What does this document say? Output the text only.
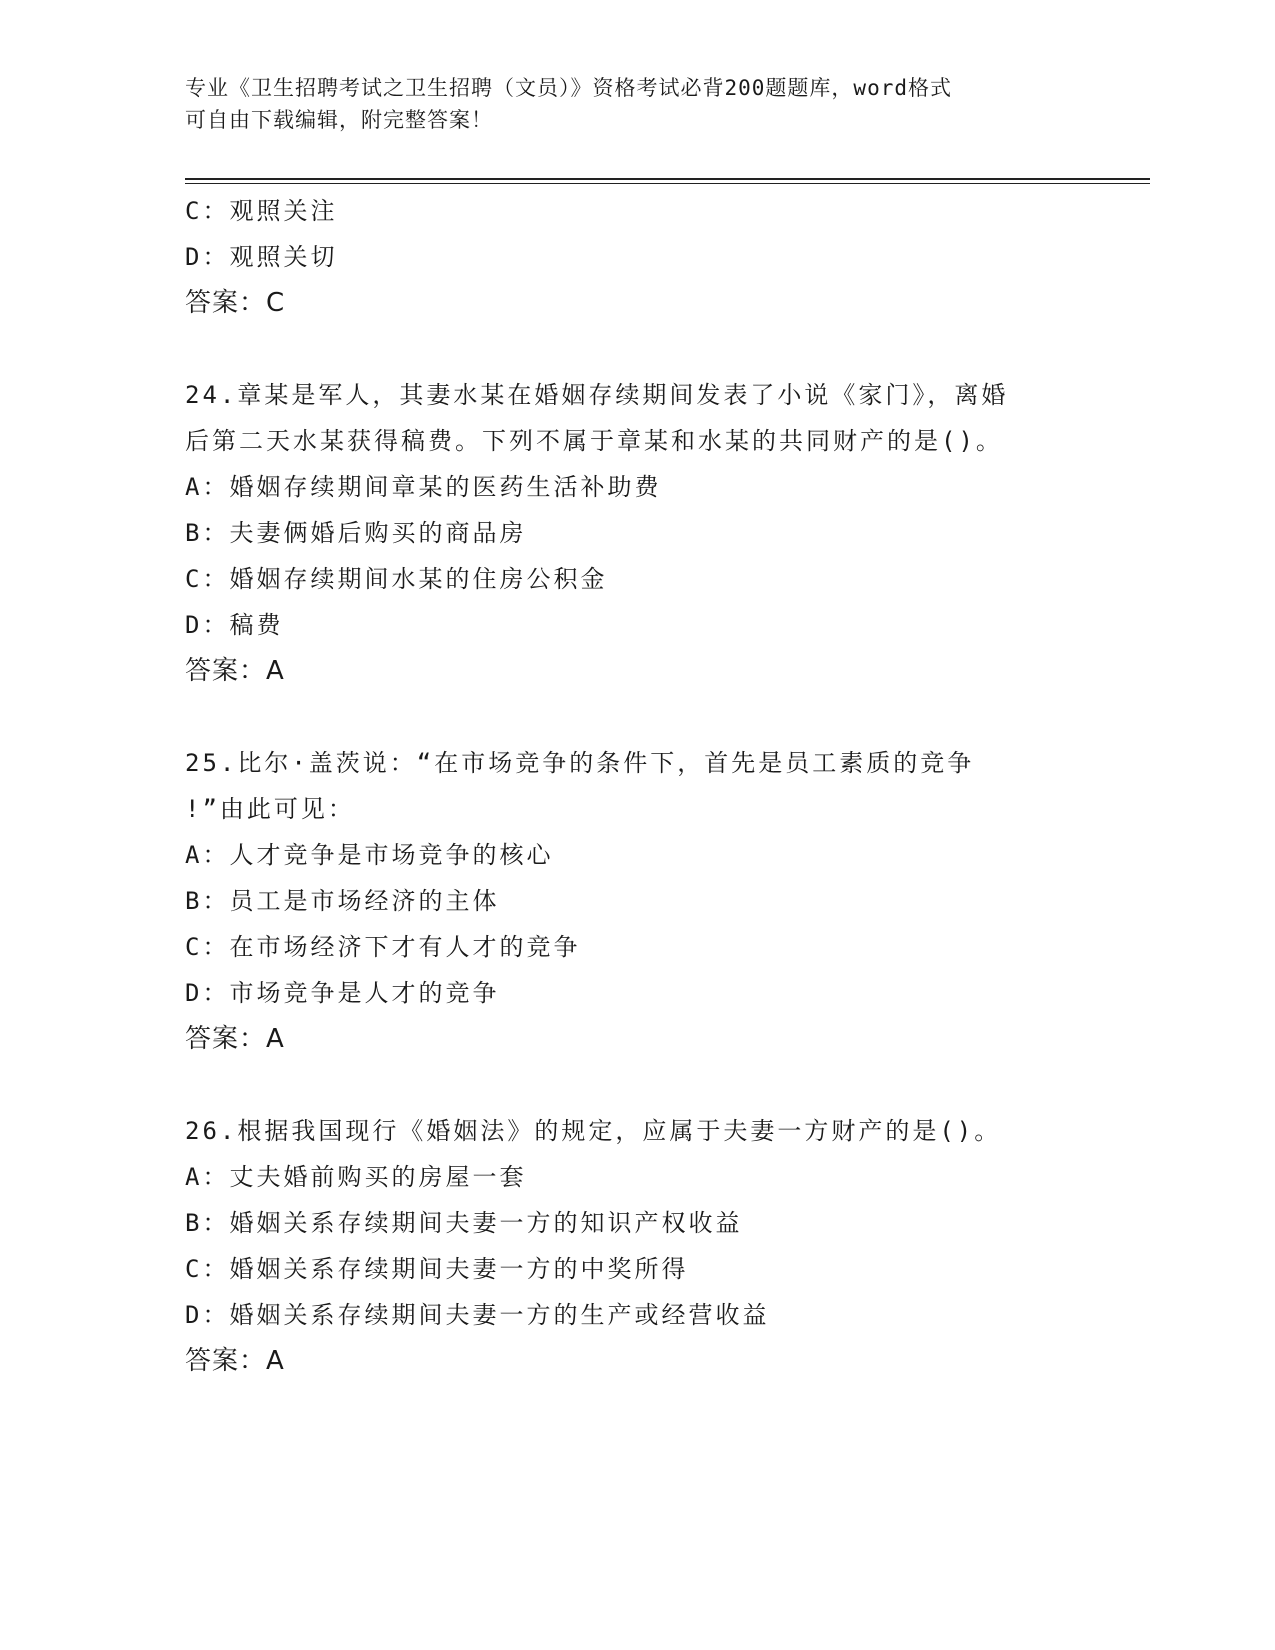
专业《卫生招聘考试之卫生招聘（文员）》资格考试必背200题题库，word格式
可自由下载编辑，附完整答案！
C：观照关注
D：观照关切
答案：C
24.章某是军人，其妻水某在婚姻存续期间发表了小说《家门》，离婚
后第二天水某获得稿费。下列不属于章某和水某的共同财产的是()。
A：婚姻存续期间章某的医药生活补助费
B：夫妻俩婚后购买的商品房
C：婚姻存续期间水某的住房公积金
D：稿费
答案：A
25.比尔·盖茨说：“在市场竞争的条件下，首先是员工素质的竞争
!”由此可见：
A：人才竞争是市场竞争的核心
B：员工是市场经济的主体
C：在市场经济下才有人才的竞争
D：市场竞争是人才的竞争
答案：A
26.根据我国现行《婚姻法》的规定，应属于夫妻一方财产的是()。
A：丈夫婚前购买的房屋一套
B：婚姻关系存续期间夫妻一方的知识产权收益
C：婚姻关系存续期间夫妻一方的中奖所得
D：婚姻关系存续期间夫妻一方的生产或经营收益
答案：A
